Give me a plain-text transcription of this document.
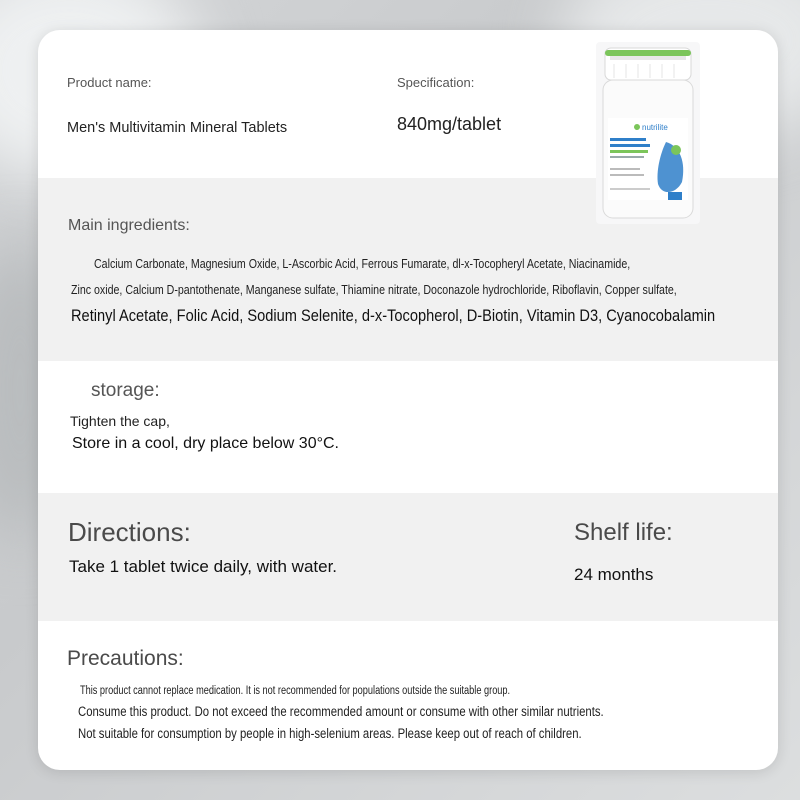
Product name:
Men's Multivitamin Mineral Tablets
Specification:
840mg/tablet	nutrilite
Main ingredients:
Calcium Carbonate, Magnesium Oxide, L-Ascorbic Acid, Ferrous Fumarate, dl-x-Tocopheryl Acetate, Niacinamide,
Zinc oxide, Calcium D-pantothenate, Manganese sulfate, Thiamine nitrate, Doconazole hydrochloride, Riboflavin, Copper sulfate,
Retinyl Acetate, Folic Acid, Sodium Selenite, d-x-Tocopherol, D-Biotin, Vitamin D3, Cyanocobalamin
storage:
Tighten the cap,
Store in a cool, dry place below 30°C.
Directions:
Take 1 tablet twice daily, with water.
Shelf life:
24 months
Precautions:
This product cannot replace medication. It is not recommended for populations outside the suitable group.
Consume this product. Do not exceed the recommended amount or consume with other similar nutrients.
Not suitable for consumption by people in high-selenium areas. Please keep out of reach of children.
